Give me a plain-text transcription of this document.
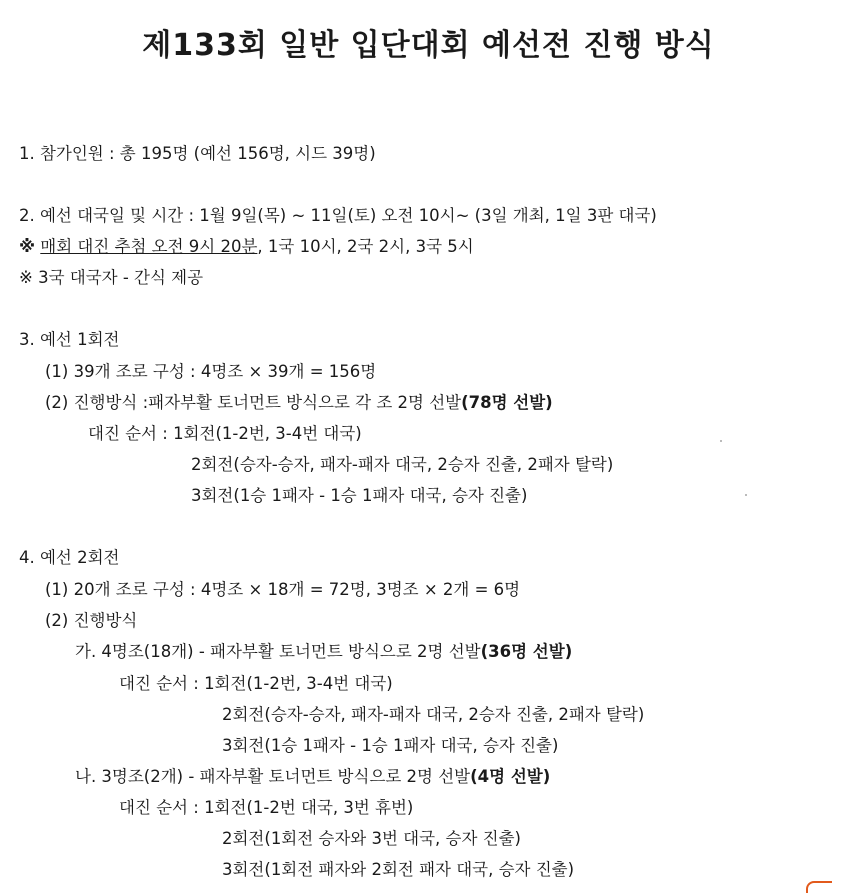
제133회 일반 입단대회 예선전 진행 방식
1. 참가인원 : 총 195명 (예선 156명, 시드 39명)
2. 예선 대국일 및 시간 : 1월 9일(목) ~ 11일(토) 오전 10시~ (3일 개최, 1일 3판 대국)
※ 매회 대진 추첨 오전 9시 20분, 1국 10시, 2국 2시, 3국 5시
※ 3국 대국자 - 간식 제공
3. 예선 1회전
(1) 39개 조로 구성 : 4명조 × 39개 = 156명
(2) 진행방식 :패자부활 토너먼트 방식으로 각 조 2명 선발(78명 선발)
대진 순서 : 1회전(1-2번, 3-4번 대국)
2회전(승자-승자, 패자-패자 대국, 2승자 진출, 2패자 탈락)
3회전(1승 1패자 - 1승 1패자 대국, 승자 진출)
4. 예선 2회전
(1) 20개 조로 구성 : 4명조 × 18개 = 72명, 3명조 × 2개 = 6명
(2) 진행방식
가. 4명조(18개) - 패자부활 토너먼트 방식으로 2명 선발(36명 선발)
대진 순서 : 1회전(1-2번, 3-4번 대국)
2회전(승자-승자, 패자-패자 대국, 2승자 진출, 2패자 탈락)
3회전(1승 1패자 - 1승 1패자 대국, 승자 진출)
나. 3명조(2개) - 패자부활 토너먼트 방식으로 2명 선발(4명 선발)
대진 순서 : 1회전(1-2번 대국, 3번 휴번)
2회전(1회전 승자와 3번 대국, 승자 진출)
3회전(1회전 패자와 2회전 패자 대국, 승자 진출)
